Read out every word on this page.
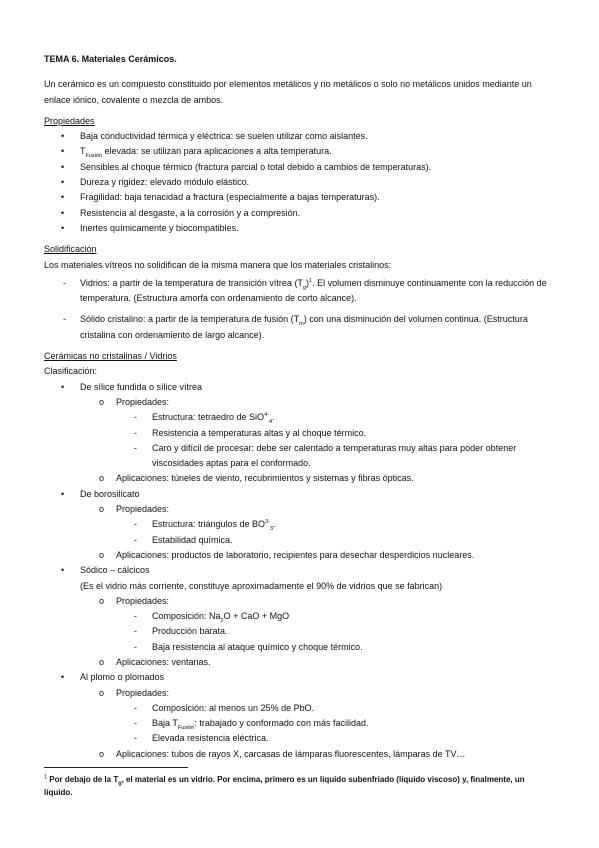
TEMA 6. Materiales Cerámicos.

Un cerámico es un compuesto constituido por elementos metálicos y no metálicos o solo no metálicos unidos mediante un enlace iónico, covalente o mezcla de ambos.

Propiedades
• Baja conductividad térmica y eléctrica: se suelen utilizar como aislantes.
• $T_{Fusión}$ elevada: se utilizan para aplicaciones a alta temperatura.
• Sensibles al choque térmico (fractura parcial o total debido a cambios de temperaturas).
• Dureza y rigidez: elevado módulo elástico.
• Fragilidad: baja tenacidad a fractura (especialmente a bajas temperaturas).
• Resistencia al desgaste, a la corrosión y a compresión.
• Inertes químicamente y biocompatibles.
Solidificación
Los materiales vítreos no solidifican de la misma manera que los materiales cristalinos:
- Vidrios: a partir de la temperatura de transición vítrea $(T_g)^1$. El volumen disminuye continuamente con la reducción de temperatura. (Estructura amorfa con ordenamiento de corto alcance).
- Sólido cristalino: a partir de la temperatura de fusión $(T_m)$ con una disminución del volumen continua. (Estructura cristalina con ordenamiento de largo alcance).
Cerámicas no cristalinas / Vidrios
Clasificación:
• De sílice fundida o sílice vítrea
o Propiedades:
- Estructura: tetraedro de SiO$^{4-}_4$.
- Resistencia a temperaturas altas y al choque térmico.
- Caro y difícil de procesar: debe ser calentado a temperaturas muy altas para poder obtener viscosidades aptas para el conformado.
o Aplicaciones: túneles de viento, recubrimientos y sistemas y fibras ópticas.
• De borosilicato
o Propiedades:
- Estructura: triángulos de $BO^{3-}_3$.
- Estabilidad química.
o Aplicaciones: productos de laboratorio, recipientes para desechar desperdicios nucleares.
• Sódico – cálcicos
(Es el vidrio más corriente, constituye aproximadamente el 90% de vidrios que se fabrican)
o Propiedades:
- Composición: $Na_2O$ + CaO + MgO
- Producción barata.
- Baja resistencia al ataque químico y choque térmico.
o Aplicaciones: ventanas.
• Al plomo o plomados
o Propiedades:
- Composición: al menos un 25% de PbO.
- Baja $T_{Fusión}$: trabajado y conformado con más facilidad.
- Elevada resistencia eléctrica.
o Aplicaciones: tubos de rayos X, carcasas de lámparas fluorescentes, lámparas de TV…
$^1$ Por debajo de la $T_g$, el material es un vidrio. Por encima, primero es un líquido subenfriado (líquido viscoso) y, finalmente, un líquido.
